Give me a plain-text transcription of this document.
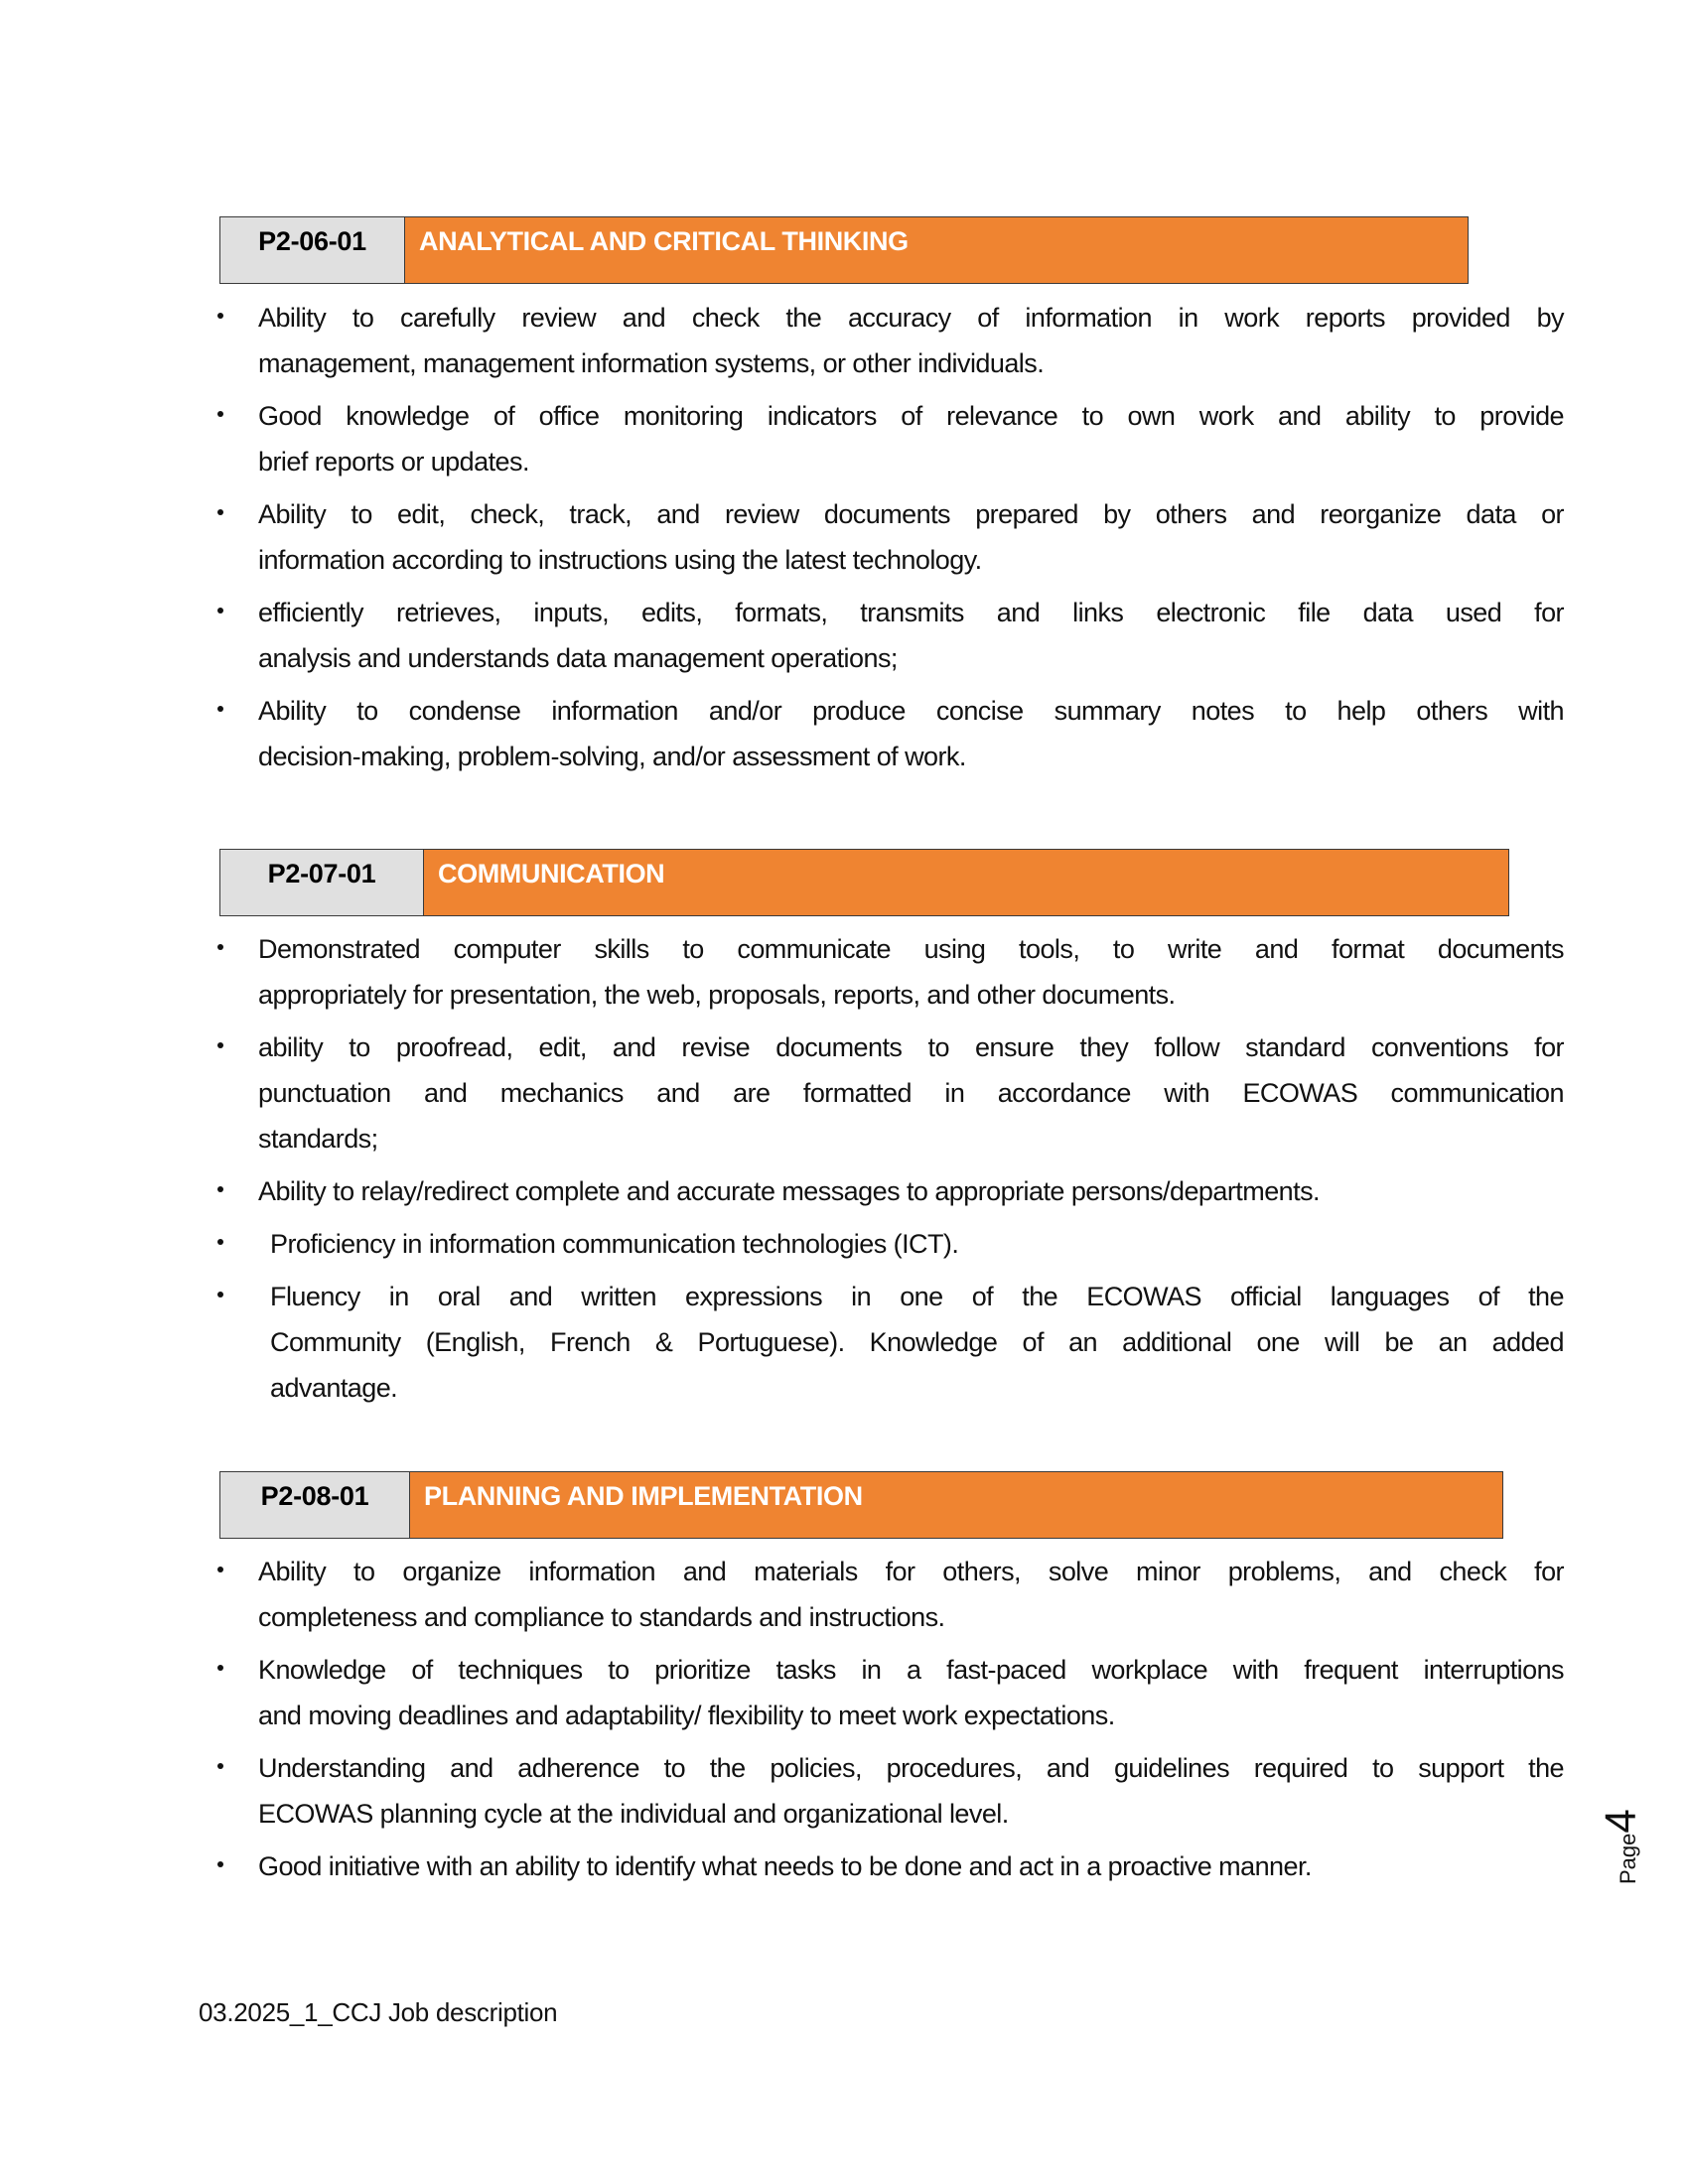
P2-06-01	ANALYTICAL AND CRITICAL THINKING
Ability to carefully review and check the accuracy of information in work reports provided by
management, management information systems, or other individuals.
Good knowledge of office monitoring indicators of relevance to own work and ability to provide
brief reports or updates.
Ability to edit, check, track, and review documents prepared by others and reorganize data or
information according to instructions using the latest technology.
efficiently retrieves, inputs, edits, formats, transmits and links electronic file data used for
analysis and understands data management operations;
Ability to condense information and/or produce concise summary notes to help others with
decision-making, problem-solving, and/or assessment of work.
P2-07-01	COMMUNICATION
Demonstrated computer skills to communicate using tools, to write and format documents
appropriately for presentation, the web, proposals, reports, and other documents.
ability to proofread, edit, and revise documents to ensure they follow standard conventions for
punctuation and mechanics and are formatted in accordance with ECOWAS communication
standards;
Ability to relay/redirect complete and accurate messages to appropriate persons/departments.
Proficiency in information communication technologies (ICT).
Fluency in oral and written expressions in one of the ECOWAS official languages of the
Community (English, French & Portuguese). Knowledge of an additional one will be an added
advantage.
P2-08-01	PLANNING AND IMPLEMENTATION
Ability to organize information and materials for others, solve minor problems, and check for
completeness and compliance to standards and instructions.
Knowledge of techniques to prioritize tasks in a fast-paced workplace with frequent interruptions
and moving deadlines and adaptability/ flexibility to meet work expectations.
Understanding and adherence to the policies, procedures, and guidelines required to support the
ECOWAS planning cycle at the individual and organizational level.
Good initiative with an ability to identify what needs to be done and act in a proactive manner.	Page4
03.2025_1_CCJ Job description
